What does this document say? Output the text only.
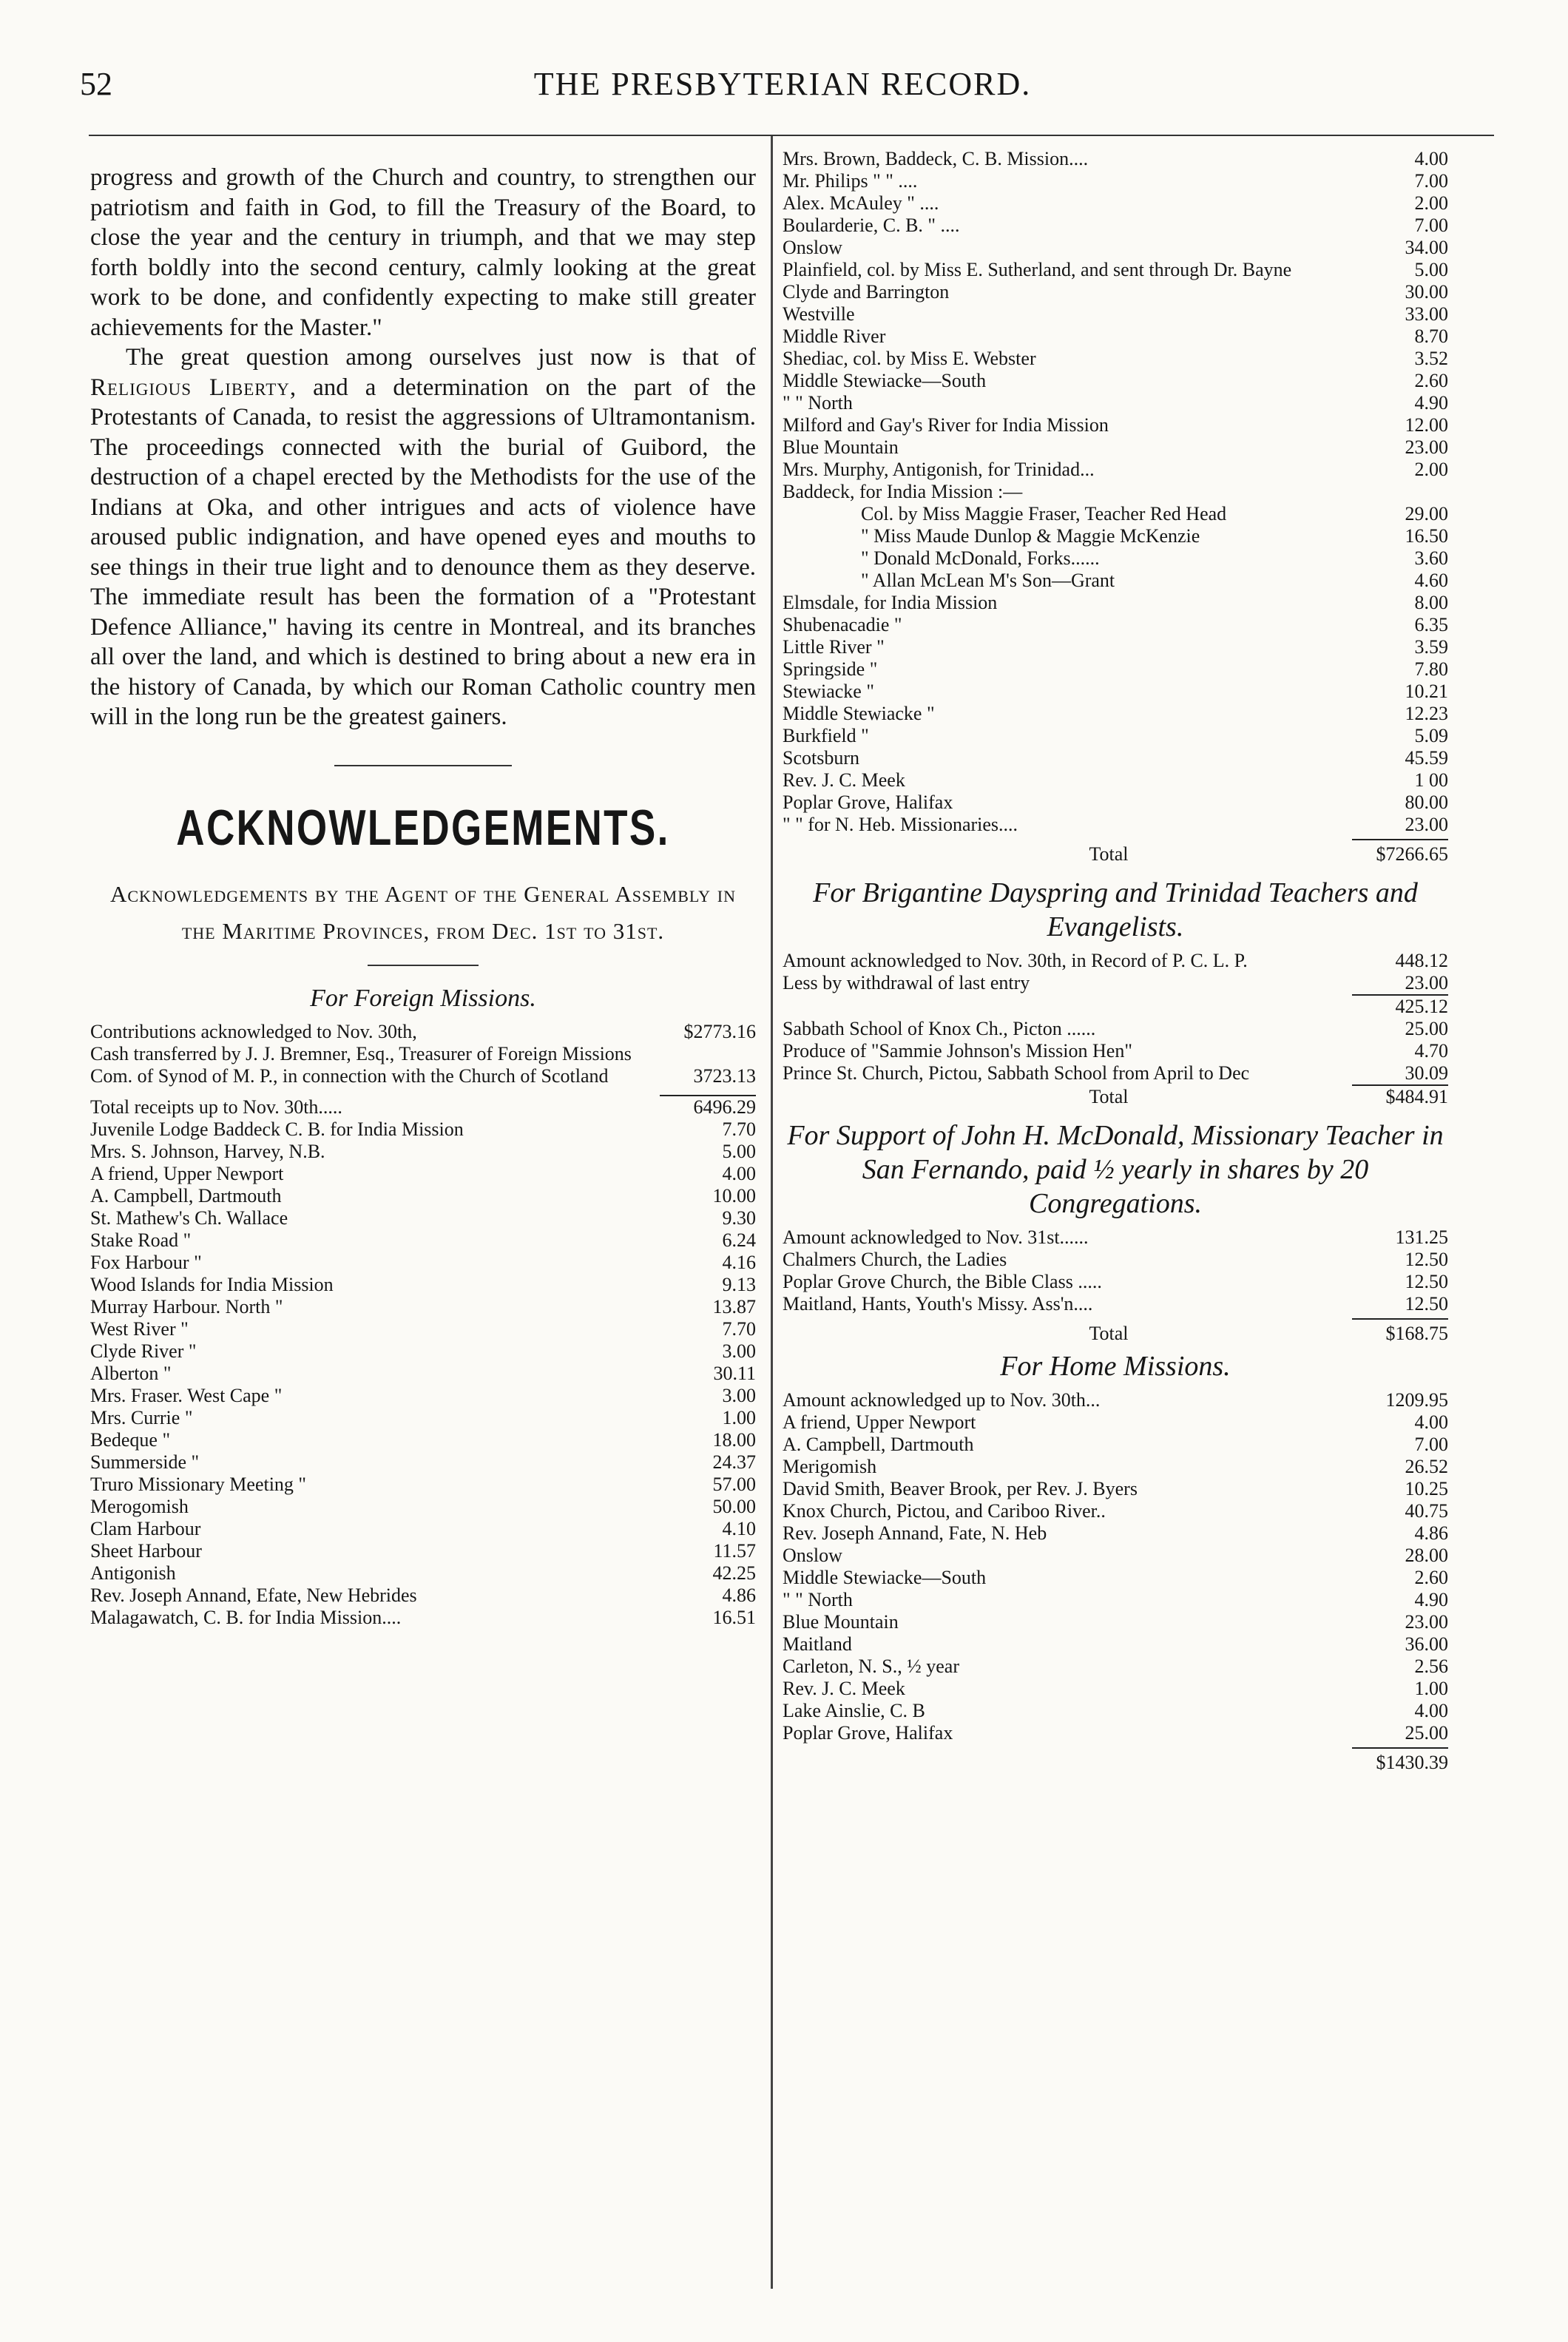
52	THE PRESBYTERIAN RECORD.

progress and growth of the Church and country, to strengthen our patriotism and faith in God, to fill the Treasury of the Board, to close the year and the century in triumph, and that we may step forth boldly into the second century, calmly looking at the great work to be done, and confidently expecting to make still greater achievements for the Master."

The great question among ourselves just now is that of Religious Liberty, and a determination on the part of the Protestants of Canada, to resist the aggressions of Ultramontanism. The proceedings connected with the burial of Guibord, the destruction of a chapel erected by the Methodists for the use of the Indians at Oka, and other intrigues and acts of violence have aroused public indignation, and have opened eyes and mouths to see things in their true light and to denounce them as they deserve. The immediate result has been the formation of a "Protestant Defence Alliance," having its centre in Montreal, and its branches all over the land, and which is destined to bring about a new era in the history of Canada, by which our Roman Catholic country men will in the long run be the greatest gainers.

ACKNOWLEDGEMENTS.
Acknowledgements by the Agent of the General Assembly in the Maritime Provinces, from Dec. 1st to 31st.
For Foreign Missions.
Contributions acknowledged to Nov. 30th,	$2773.16
Cash transferred by J. J. Bremner, Esq., Treasurer of Foreign Missions Com. of Synod of M. P., in connection with the Church of Scotland	3723.13
Total receipts up to Nov. 30th.....	6496.29
Juvenile Lodge Baddeck C. B. for India Mission	7.70
Mrs. S. Johnson, Harvey, N.B.	5.00
A friend, Upper Newport	4.00
A. Campbell, Dartmouth	10.00
St. Mathew's Ch. Wallace	9.30
Stake Road "	6.24
Fox Harbour "	4.16
Wood Islands for India Mission	9.13
Murray Harbour. North "	13.87
West River "	7.70
Clyde River "	3.00
Alberton "	30.11
Mrs. Fraser. West Cape "	3.00
Mrs. Currie "	1.00
Bedeque "	18.00
Summerside "	24.37
Truro Missionary Meeting "	57.00
Merogomish	50.00
Clam Harbour	4.10
Sheet Harbour	11.57
Antigonish	42.25
Rev. Joseph Annand, Efate, New Hebrides	4.86
Malagawatch, C. B. for India Mission....	16.51
Mrs. Brown, Baddeck, C. B. Mission....	4.00
Mr. Philips " " ....	7.00
Alex. McAuley " ....	2.00
Boularderie, C. B. " ....	7.00
Onslow	34.00
Plainfield, col. by Miss E. Sutherland, and sent through Dr. Bayne	5.00
Clyde and Barrington	30.00
Westville	33.00
Middle River	8.70
Shediac, col. by Miss E. Webster	3.52
Middle Stewiacke—South	2.60
" " North	4.90
Milford and Gay's River for India Mission	12.00
Blue Mountain	23.00
Mrs. Murphy, Antigonish, for Trinidad...	2.00
Baddeck, for India Mission :—
Col. by Miss Maggie Fraser, Teacher Red Head	29.00
" Miss Maude Dunlop & Maggie McKenzie	16.50
" Donald McDonald, Forks......	3.60
" Allan McLean M's Son—Grant	4.60
Elmsdale, for India Mission	8.00
Shubenacadie "	6.35
Little River "	3.59
Springside "	7.80
Stewiacke "	10.21
Middle Stewiacke "	12.23
Burkfield "	5.09
Scotsburn	45.59
Rev. J. C. Meek	1 00
Poplar Grove, Halifax	80.00
" " for N. Heb. Missionaries....	23.00
Total	$7266.65
For Brigantine Dayspring and Trinidad Teachers and Evangelists.
Amount acknowledged to Nov. 30th, in Record of P. C. L. P.	448.12
Less by withdrawal of last entry	23.00
425.12
Sabbath School of Knox Ch., Picton ......	25.00
Produce of "Sammie Johnson's Mission Hen"	4.70
Prince St. Church, Pictou, Sabbath School from April to Dec	30.09
Total	$484.91
For Support of John H. McDonald, Missionary Teacher in San Fernando, paid ½ yearly in shares by 20 Congregations.
Amount acknowledged to Nov. 31st......	131.25
Chalmers Church, the Ladies	12.50
Poplar Grove Church, the Bible Class .....	12.50
Maitland, Hants, Youth's Missy. Ass'n....	12.50
Total	$168.75
For Home Missions.
Amount acknowledged up to Nov. 30th...	1209.95
A friend, Upper Newport	4.00
A. Campbell, Dartmouth	7.00
Merigomish	26.52
David Smith, Beaver Brook, per Rev. J. Byers	10.25
Knox Church, Pictou, and Cariboo River..	40.75
Rev. Joseph Annand, Fate, N. Heb	4.86
Onslow	28.00
Middle Stewiacke—South	2.60
" " North	4.90
Blue Mountain	23.00
Maitland	36.00
Carleton, N. S., ½ year	2.56
Rev. J. C. Meek	1.00
Lake Ainslie, C. B	4.00
Poplar Grove, Halifax	25.00
$1430.39
